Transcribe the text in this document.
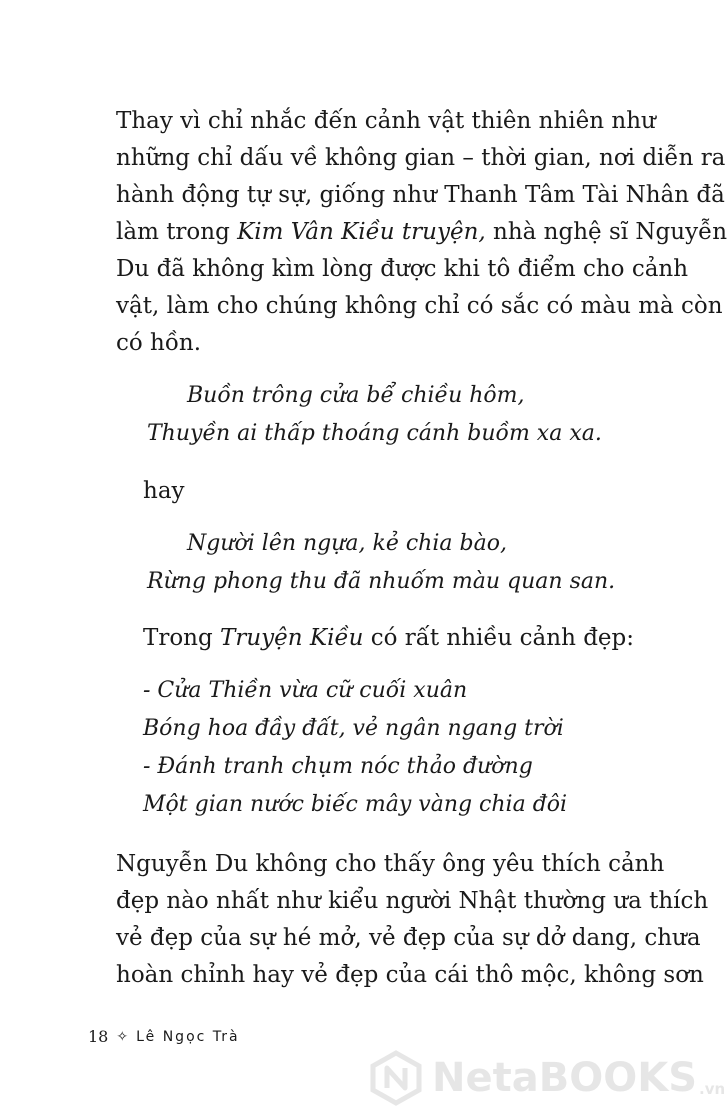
Thay vì chỉ nhắc đến cảnh vật thiên nhiên như
những chỉ dấu về không gian – thời gian, nơi diễn ra
hành động tự sự, giống như Thanh Tâm Tài Nhân đã
làm trong Kim Vân Kiều truyện, nhà nghệ sĩ Nguyễn
Du đã không kìm lòng được khi tô điểm cho cảnh
vật, làm cho chúng không chỉ có sắc có màu mà còn
có hồn.
Buồn trông cửa bể chiều hôm,
Thuyền ai thấp thoáng cánh buồm xa xa.
hay
Người lên ngựa, kẻ chia bào,
Rừng phong thu đã nhuốm màu quan san.
Trong Truyện Kiều có rất nhiều cảnh đẹp:
- Cửa Thiền vừa cữ cuối xuân
Bóng hoa đầy đất, vẻ ngân ngang trời
- Đánh tranh chụm nóc thảo đường
Một gian nước biếc mây vàng chia đôi
Nguyễn Du không cho thấy ông yêu thích cảnh
đẹp nào nhất như kiểu người Nhật thường ưa thích
vẻ đẹp của sự hé mở, vẻ đẹp của sự dở dang, chưa
hoàn chỉnh hay vẻ đẹp của cái thô mộc, không sơn
18 ✧ Lê Ngọc Trà
NetaBOOKS .vn
